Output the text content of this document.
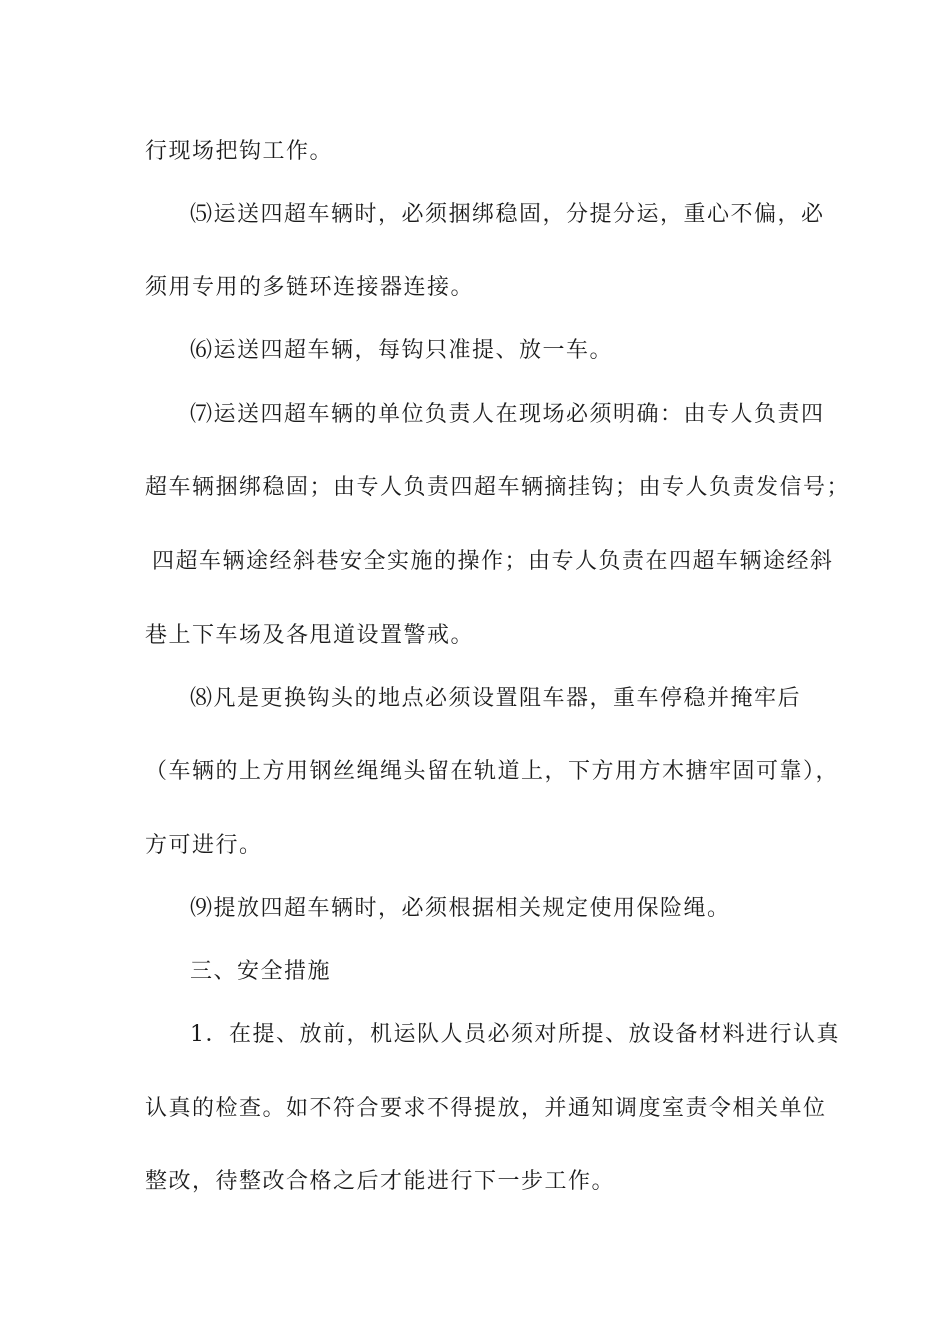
行现场把钩工作。
⑸运送四超车辆时，必须捆绑稳固，分提分运，重心不偏，必
须用专用的多链环连接器连接。
⑹运送四超车辆，每钩只准提、放一车。
⑺运送四超车辆的单位负责人在现场必须明确：由专人负责四
超车辆捆绑稳固；由专人负责四超车辆摘挂钩；由专人负责发信号；
四超车辆途经斜巷安全实施的操作；由专人负责在四超车辆途经斜
巷上下车场及各甩道设置警戒。
⑻凡是更换钩头的地点必须设置阻车器，重车停稳并掩牢后
（车辆的上方用钢丝绳绳头留在轨道上，下方用方木搪牢固可靠），
方可进行。
⑼提放四超车辆时，必须根据相关规定使用保险绳。
三、安全措施
1．在提、放前，机运队人员必须对所提、放设备材料进行认真
认真的检查。如不符合要求不得提放，并通知调度室责令相关单位
整改，待整改合格之后才能进行下一步工作。
